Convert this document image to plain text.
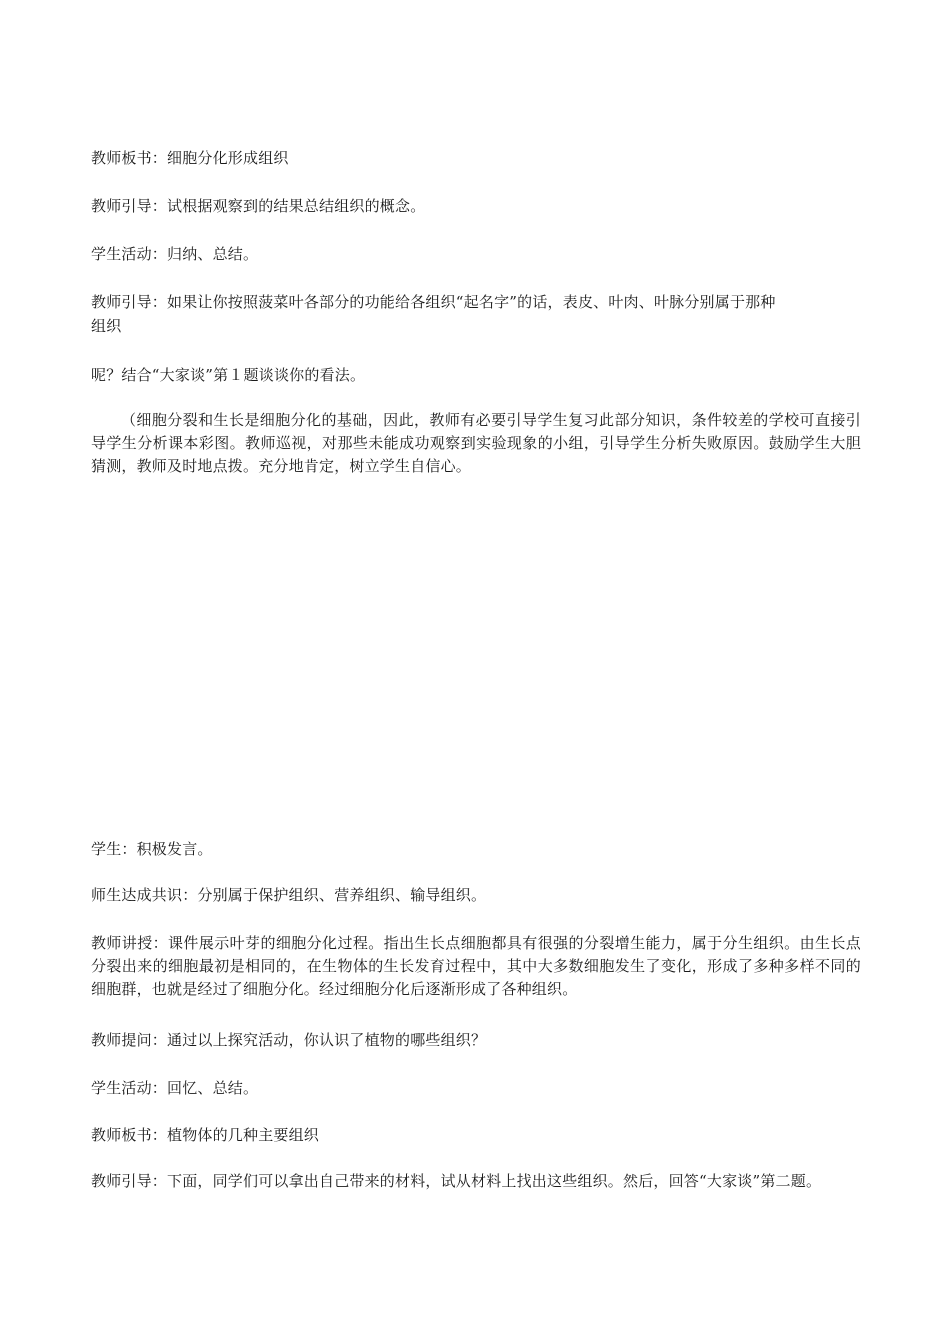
教师板书：细胞分化形成组织

教师引导：试根据观察到的结果总结组织的概念。

学生活动：归纳、总结。

教师引导：如果让你按照菠菜叶各部分的功能给各组织“起名字”的话，表皮、叶肉、叶脉分别属于那种

组织

呢？结合“大家谈”第１题谈谈你的看法。

（细胞分裂和生长是细胞分化的基础，因此，教师有必要引导学生复习此部分知识，条件较差的学校可直接引导学生分析课本彩图。教师巡视，对那些未能成功观察到实验现象的小组，引导学生分析失败原因。鼓励学生大胆猜测，教师及时地点拨。充分地肯定，树立学生自信心。

学生：积极发言。

师生达成共识：分别属于保护组织、营养组织、输导组织。

教师讲授：课件展示叶芽的细胞分化过程。指出生长点细胞都具有很强的分裂增生能力，属于分生组织。由生长点分裂出来的细胞最初是相同的，在生物体的生长发育过程中，其中大多数细胞发生了变化，形成了多种多样不同的细胞群，也就是经过了细胞分化。经过细胞分化后逐渐形成了各种组织。

教师提问：通过以上探究活动，你认识了植物的哪些组织？

学生活动：回忆、总结。

教师板书：植物体的几种主要组织

教师引导：下面，同学们可以拿出自己带来的材料，试从材料上找出这些组织。然后，回答“大家谈”第二题。
